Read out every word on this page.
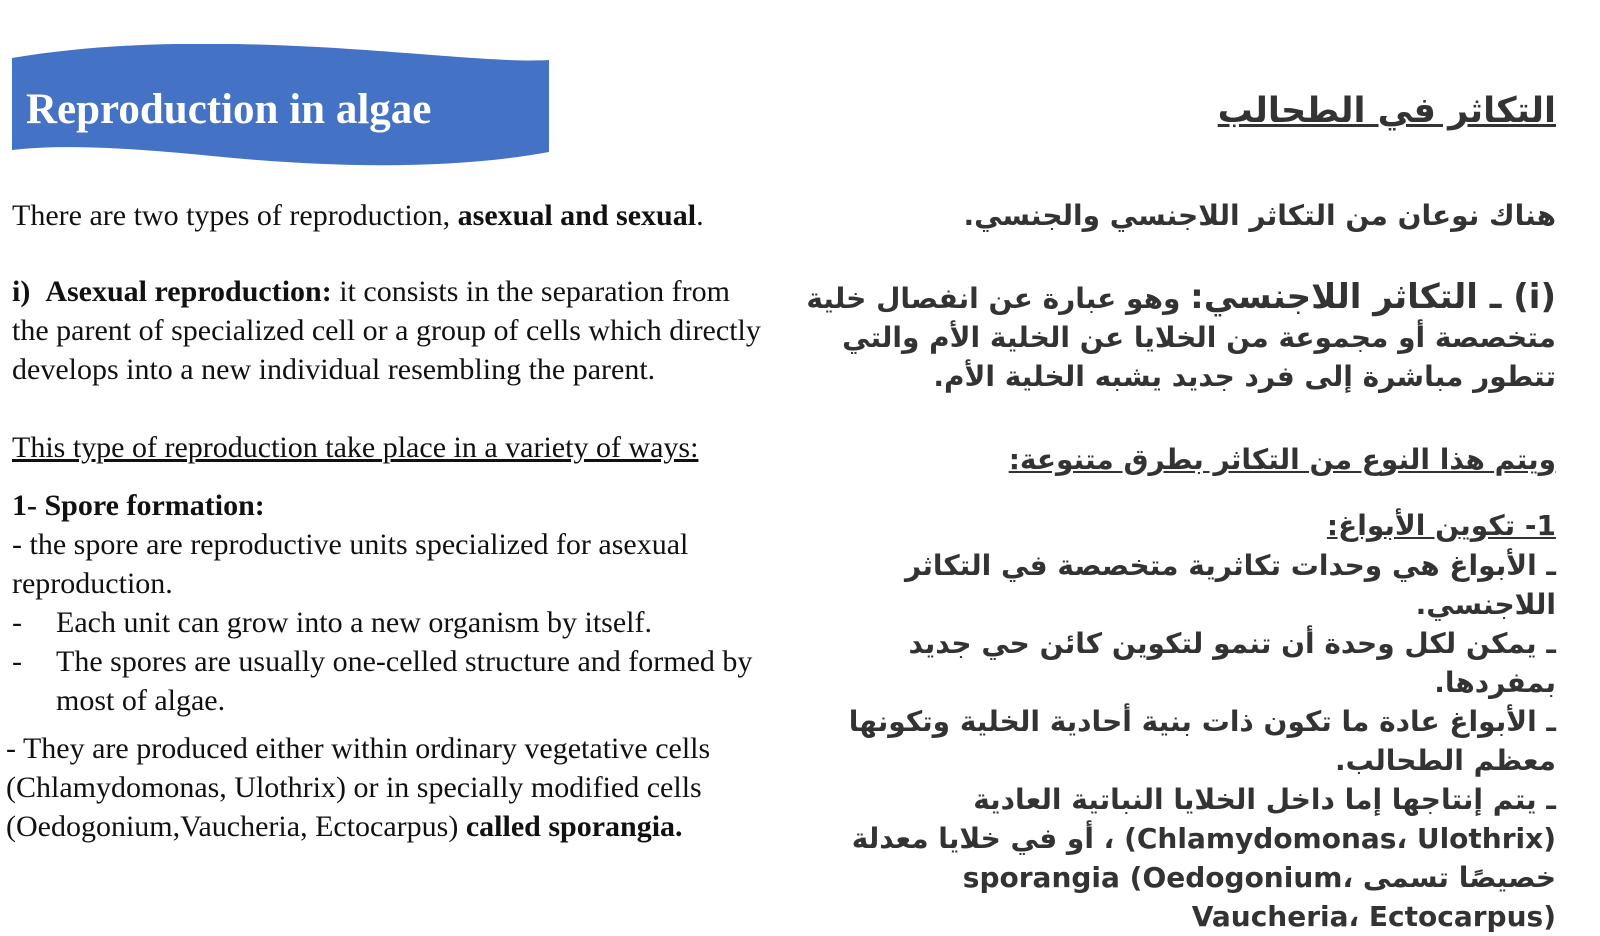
Reproduction in algae

There are two types of reproduction, asexual and sexual.

i) Asexual reproduction: it consists in the separation from the parent of specialized cell or a group of cells which directly develops into a new individual resembling the parent.

This type of reproduction take place in a variety of ways:

1- Spore formation:

- the spore are reproductive units specialized for asexual reproduction.

- Each unit can grow into a new organism by itself.

- The spores are usually one-celled structure and formed by most of algae.

- They are produced either within ordinary vegetative cells (Chlamydomonas, Ulothrix) or in specially modified cells (Oedogonium,Vaucheria, Ectocarpus) called sporangia.

التكاثر في الطحالب

هناك نوعان من التكاثر اللاجنسي والجنسي.

(i) ـ التكاثر اللاجنسي: وهو عبارة عن انفصال خلية متخصصة أو مجموعة من الخلايا عن الخلية الأم والتي تتطور مباشرة إلى فرد جديد يشبه الخلية الأم.

ويتم هذا النوع من التكاثر بطرق متنوعة:

1- تكوين الأبواغ:

ـ الأبواغ هي وحدات تكاثرية متخصصة في التكاثر اللاجنسي.

ـ يمكن لكل وحدة أن تنمو لتكوين كائن حي جديد بمفردها.

ـ الأبواغ عادة ما تكون ذات بنية أحادية الخلية وتكونها معظم الطحالب.

ـ يتم إنتاجها إما داخل الخلايا النباتية العادية (Chlamydomonas، Ulothrix) ، أو في خلايا معدلة خصيصًا تسمى sporangia (Oedogonium، Vaucheria، Ectocarpus)
